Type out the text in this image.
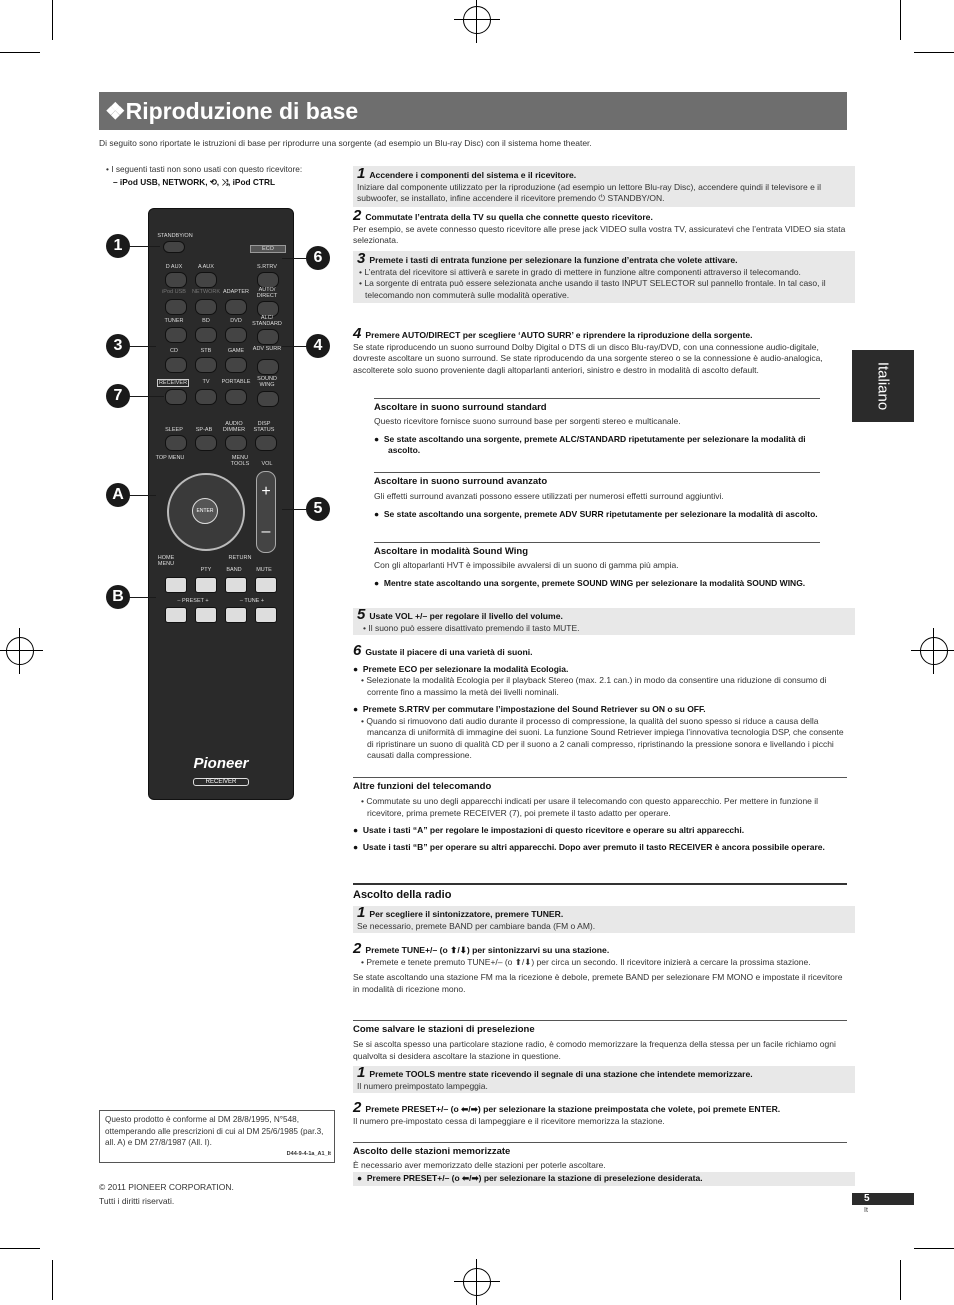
❖Riproduzione di base
Di seguito sono riportate le istruzioni di base per riprodurre una sorgente (ad esempio un Blu-ray Disc) con il sistema home theater.
Italiano
• I seguenti tasti non sono usati con questo ricevitore:
– iPod USB, NETWORK, ⟲, ⤨, iPod CTRL
STANDBY/ON
ECO
D AUX	A AUX	S.RTRV
iPod USB	NETWORK ADAPTER	AUTO/ DIRECT
TUNER	BD	DVD	ALC/ STANDARD
CD	STB	GAME	ADV SURR
RECEIVER	TV	PORTABLE	SOUND WING
SLEEP	SP-AB
AUDIO
DIMMER
DISP
STATUS
TOP MENU	MENU TOOLS	VOL
ENTER
+
–
HOME MENU
RETURN
PTY	BAND	MUTE
– PRESET +	– TUNE +
Pioneer
RECEIVER
1
6
3	4
7
A
5
B
1 Accendere i componenti del sistema e il ricevitore.
Iniziare dal componente utilizzato per la riproduzione (ad esempio un lettore Blu-ray Disc), accendere quindi il televisore e il subwoofer, se installato, infine accendere il ricevitore premendo ⏻ STANDBY/ON.
2 Commutate l’entrata della TV su quella che connette questo ricevitore.
Per esempio, se avete connesso questo ricevitore alle prese jack VIDEO sulla vostra TV, assicuratevi che l’entrata VIDEO sia stata selezionata.
3 Premete i tasti di entrata funzione per selezionare la funzione d’entrata che volete attivare.
• L’entrata del ricevitore si attiverà e sarete in grado di mettere in funzione altre componenti attraverso il telecomando.
• La sorgente di entrata può essere selezionata anche usando il tasto INPUT SELECTOR sul pannello frontale. In tal caso, il telecomando non commuterà sulle modalità operative.
4 Premere AUTO/DIRECT per scegliere ‘AUTO SURR’ e riprendere la riproduzione della sorgente.
Se state riproducendo un suono surround Dolby Digital o DTS di un disco Blu-ray/DVD, con una connessione audio-digitale, dovreste ascoltare un suono surround. Se state riproducendo da una sorgente stereo o se la connessione è audio-analogica, ascolterete solo suono proveniente dagli altoparlanti anteriori, sinistro e destro in modalità di ascolto default.
Ascoltare in suono surround standard
Questo ricevitore fornisce suono surround base per sorgenti stereo e multicanale.
●  Se state ascoltando una sorgente, premete ALC/STANDARD ripetutamente per selezionare la modalità di ascolto.
Ascoltare in suono surround avanzato
Gli effetti surround avanzati possono essere utilizzati per numerosi effetti surround aggiuntivi.
●  Se state ascoltando una sorgente, premete ADV SURR ripetutamente per selezionare la modalità di ascolto.
Ascoltare in modalità Sound Wing
Con gli altoparlanti HVT è impossibile avvalersi di un suono di gamma più ampia.
●  Mentre state ascoltando una sorgente, premete SOUND WING per selezionare la modalità SOUND WING.
5 Usate VOL +/– per regolare il livello del volume.
• Il suono può essere disattivato premendo il tasto MUTE.
6 Gustate il piacere di una varietà di suoni.
●  Premete ECO per selezionare la modalità Ecologia.
• Selezionate la modalità Ecologia per il playback Stereo (max. 2.1 can.) in modo da consentire una riduzione di consumo di corrente fino a massimo la metà dei livelli nominali.
●  Premete S.RTRV per commutare l’impostazione del Sound Retriever su ON o su OFF.
• Quando si rimuovono dati audio durante il processo di compressione, la qualità del suono spesso si riduce a causa della mancanza di uniformità di immagine dei suoni. La funzione Sound Retriever impiega l’innovativa tecnologia DSP, che consente di ripristinare un suono di qualità CD per il suono a 2 canali compresso, ripristinando la pressione sonora e livellando i picchi causati dalla compressione.
Altre funzioni del telecomando
• Commutate su uno degli apparecchi indicati per usare il telecomando con questo apparecchio. Per mettere in funzione il ricevitore, prima premete RECEIVER (7), poi premete il tasto adatto per operare.
●  Usate i tasti “A” per regolare le impostazioni di questo ricevitore e operare su altri apparecchi.
●  Usate i tasti “B” per operare su altri apparecchi. Dopo aver premuto il tasto RECEIVER è ancora possibile operare.
Ascolto della radio
1 Per scegliere il sintonizzatore, premere TUNER.
Se necessario, premete BAND per cambiare banda (FM o AM).
2 Premete TUNE+/– (o ⬆/⬇) per sintonizzarvi su una stazione.
• Premete e tenete premuto TUNE+/– (o ⬆/⬇) per circa un secondo. Il ricevitore inizierà a cercare la prossima stazione.
Se state ascoltando una stazione FM ma la ricezione è debole, premete BAND per selezionare FM MONO e impostate il ricevitore in modalità di ricezione mono.
Come salvare le stazioni di preselezione
Se si ascolta spesso una particolare stazione radio, è comodo memorizzare la frequenza della stessa per un facile richiamo ogni qualvolta si desidera ascoltare la stazione in questione.
1 Premete TOOLS mentre state ricevendo il segnale di una stazione che intendete memorizzare.
Il numero preimpostato lampeggia.
2 Premete PRESET+/– (o ⬅/➡) per selezionare la stazione preimpostata che volete, poi premete ENTER.
Il numero pre-impostato cessa di lampeggiare e il ricevitore memorizza la stazione.
Ascolto delle stazioni memorizzate
È necessario aver memorizzato delle stazioni per poterle ascoltare.
●  Premere PRESET+/– (o ⬅/➡) per selezionare la stazione di preselezione desiderata.
Questo prodotto è conforme al DM 28/8/1995, N°548, ottemperando alle prescrizioni di cui al DM 25/6/1985 (par.3, all. A) e DM 27/8/1987 (All. I).
D44-9-4-1a_A1_It
© 2011 PIONEER CORPORATION.
Tutti i diritti riservati.	5
It
